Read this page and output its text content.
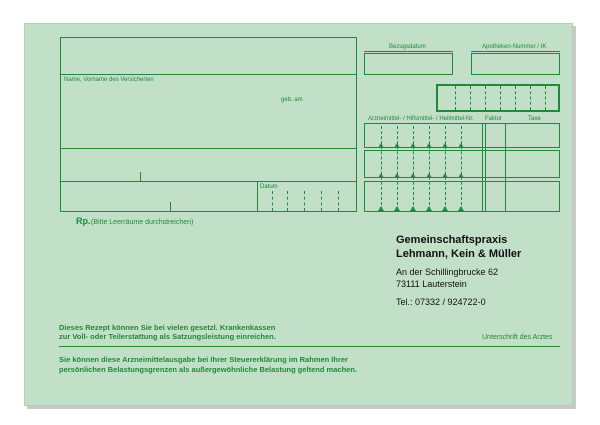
Name, Vorname des Versicherten
geb. am
Datum
Bezugsdatum	Apotheken-Nummer / IK
Arzneimittel- / Hilfsmittel- / Heilmittel-Nr. Faktor	Taxe
Rp. (Bitte Leerräume durchstreichen)
Gemeinschaftspraxis
Lehmann, Kein & Müller
An der Schillingbrucke 62
73111 Lauterstein
Tel.: 07332 / 924722-0
Dieses Rezept können Sie bei vielen gesetzl. Krankenkassen
zur Voll- oder Teilerstattung als Satzungsleistung einreichen.	Unterschrift des Arztes
Sie können diese Arzneimittelausgabe bei Ihrer Steuererklärung im Rahmen Ihrer
persönlichen Belastungsgrenzen als außergewöhnliche Belastung geltend machen.
